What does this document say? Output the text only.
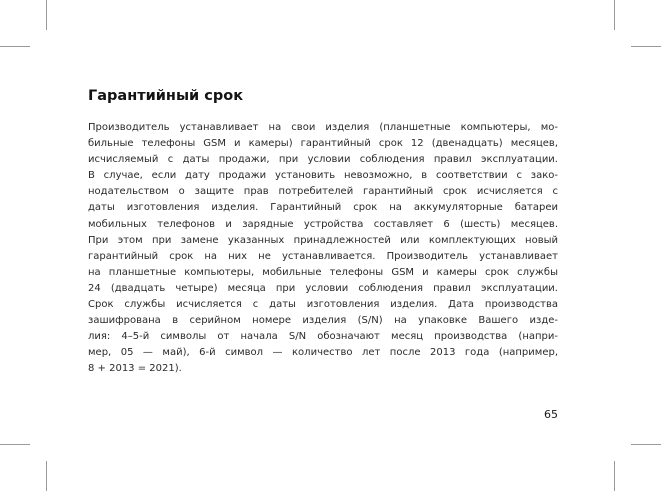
Гарантийный срок
Производитель устанавливает на свои изделия (планшетные компьютеры, мо-
бильные телефоны GSM и камеры) гарантийный срок 12 (двенадцать) месяцев,
исчисляемый с даты продажи, при условии соблюдения правил эксплуатации.
В случае, если дату продажи установить невозможно, в соответствии с зако-
нодательством о защите прав потребителей гарантийный срок исчисляется с
даты изготовления изделия. Гарантийный срок на аккумуляторные батареи
мобильных телефонов и зарядные устройства составляет 6 (шесть) месяцев.
При этом при замене указанных принадлежностей или комплектующих новый
гарантийный срок на них не устанавливается. Производитель устанавливает
на планшетные компьютеры, мобильные телефоны GSM и камеры срок службы
24 (двадцать четыре) месяца при условии соблюдения правил эксплуатации.
Срок службы исчисляется с даты изготовления изделия. Дата производства
зашифрована в серийном номере изделия (S/N) на упаковке Вашего изде-
лия: 4–5-й символы от начала S/N обозначают месяц производства (напри-
мер, 05 — май), 6-й символ — количество лет после 2013 года (например,
8 + 2013 = 2021).
65
